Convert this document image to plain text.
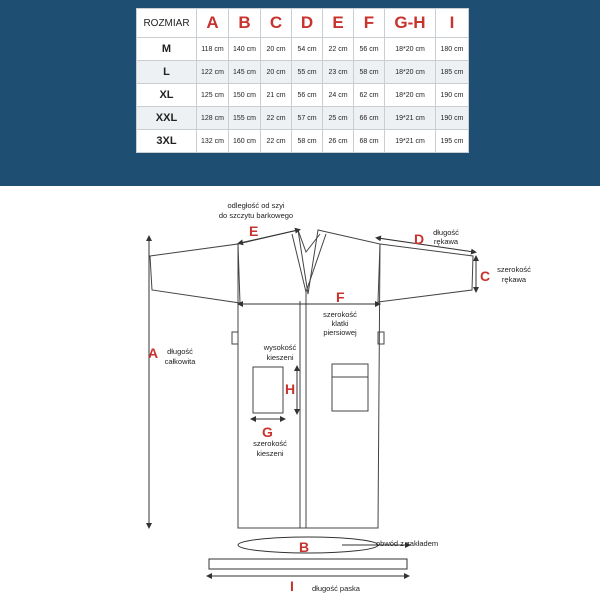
ROZMIAR	A	B	C	D	E	F	G-H	I
M	118 cm	140 cm	20 cm	54 cm	22 cm	56 cm	18*20 cm	180 cm
L	122 cm	145 cm	20 cm	55 cm	23 cm	58 cm	18*20 cm	185 cm
XL	125 cm	150 cm	21 cm	56 cm	24 cm	62 cm	18*20 cm	190 cm
XXL	128 cm	155 cm	22 cm	57 cm	25 cm	66 cm	19*21 cm	190 cm
3XL	132 cm	160 cm	22 cm	58 cm	26 cm	68 cm	19*21 cm	195 cm
A
B
C
D
E
F
G
H
I
odległość od szyi
do szczytu barkowego
długość
rękawa
szerokość
rękawa
długość
całkowita
szerokość
klatki
piersiowej
wysokość
kieszeni
szerokość
kieszeni
obwód z zakładem
długość paska
